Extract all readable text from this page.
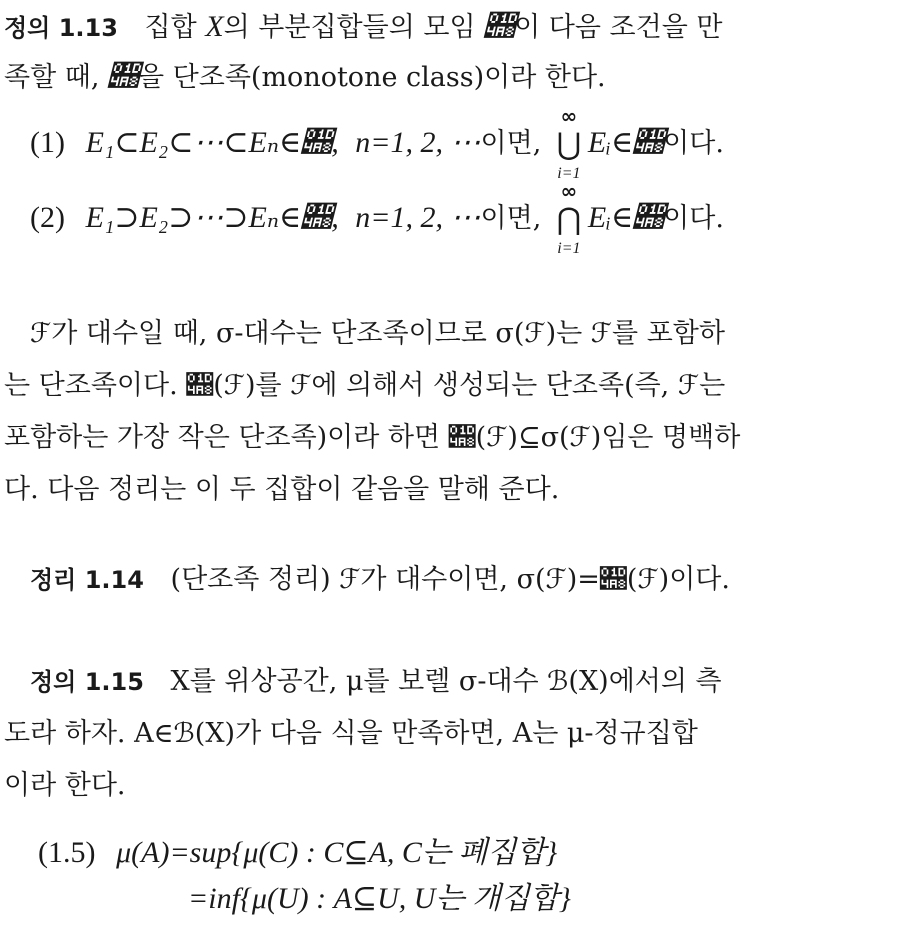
정의 1.13 집합 X의 부분집합들의 모임 𝒨이 다음 조건을 만
족할 때, 𝒨을 단조족(monotone class)이라 한다.
(1) E₁⊂E₂⊂⋯⊂Eₙ∈𝒨, n=1, 2, ⋯이면,
∞
⋃
i=1
Eᵢ∈𝒨이다.
(2) E₁⊃E₂⊃⋯⊃Eₙ∈𝒨, n=1, 2, ⋯이면,
∞
⋂
i=1
Eᵢ∈𝒨이다.
ℱ가 대수일 때, σ-대수는 단조족이므로 σ(ℱ)는 ℱ를 포함하
는 단조족이다. 𝒨(ℱ)를 ℱ에 의해서 생성되는 단조족(즉, ℱ는
포함하는 가장 작은 단조족)이라 하면 𝒨(ℱ)⊆σ(ℱ)임은 명백하
다. 다음 정리는 이 두 집합이 같음을 말해 준다.
정리 1.14 (단조족 정리) ℱ가 대수이면, σ(ℱ)=𝒨(ℱ)이다.
정의 1.15 X를 위상공간, μ를 보렐 σ-대수 ℬ(X)에서의 측
도라 하자. A∈ℬ(X)가 다음 식을 만족하면, A는 μ-정규집합
이라 한다.
(1.5) μ(A)=sup{μ(C) : C⊆A, C는 폐집합}
=inf{μ(U) : A⊆U, U는 개집합}
